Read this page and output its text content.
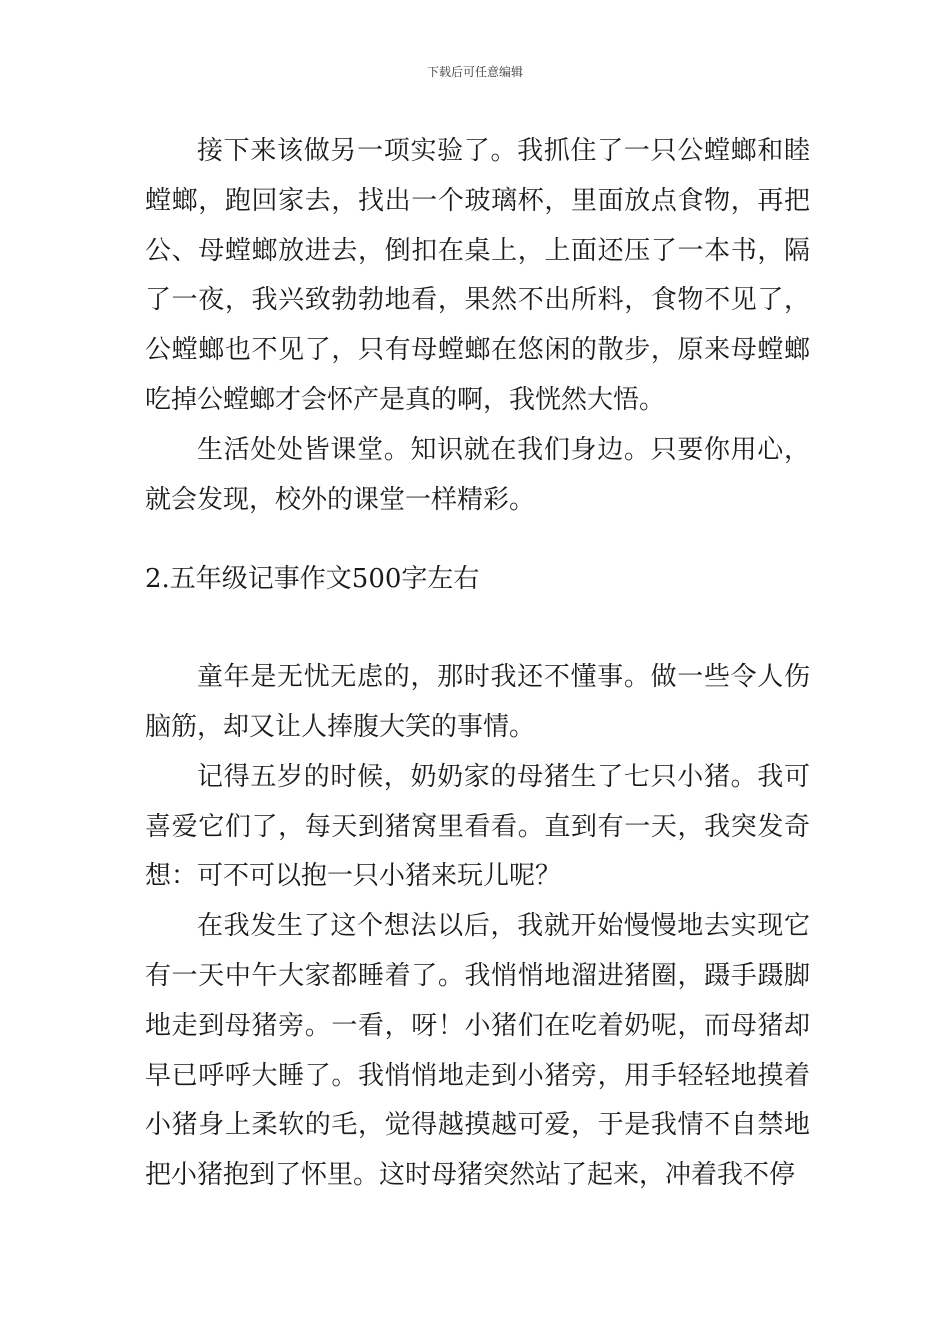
下载后可任意编辑

接下来该做另一项实验了。我抓住了一只公螳螂和睦螳螂，跑回家去，找出一个玻璃杯，里面放点食物，再把公、母螳螂放进去，倒扣在桌上，上面还压了一本书，隔了一夜，我兴致勃勃地看，果然不出所料，食物不见了，公螳螂也不见了，只有母螳螂在悠闲的散步，原来母螳螂吃掉公螳螂才会怀产是真的啊，我恍然大悟。

生活处处皆课堂。知识就在我们身边。只要你用心，就会发现，校外的课堂一样精彩。

2.五年级记事作文500字左右

童年是无忧无虑的，那时我还不懂事。做一些令人伤脑筋，却又让人捧腹大笑的事情。

记得五岁的时候，奶奶家的母猪生了七只小猪。我可喜爱它们了，每天到猪窝里看看。直到有一天，我突发奇想：可不可以抱一只小猪来玩儿呢？

在我发生了这个想法以后，我就开始慢慢地去实现它有一天中午大家都睡着了。我悄悄地溜进猪圈，蹑手蹑脚地走到母猪旁。一看，呀！小猪们在吃着奶呢，而母猪却早已呼呼大睡了。我悄悄地走到小猪旁，用手轻轻地摸着小猪身上柔软的毛，觉得越摸越可爱，于是我情不自禁地把小猪抱到了怀里。这时母猪突然站了起来，冲着我不停
